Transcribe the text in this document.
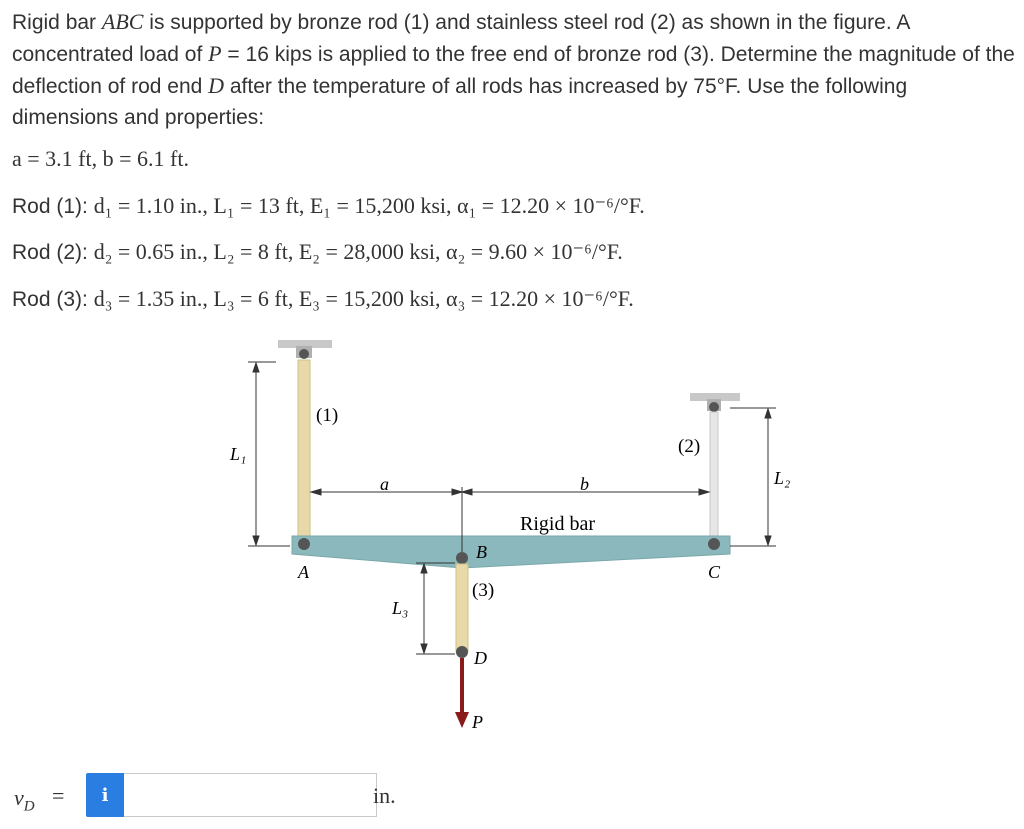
Rigid bar ABC is supported by bronze rod (1) and stainless steel rod (2) as shown in the figure. A concentrated load of P = 16 kips is applied to the free end of bronze rod (3). Determine the magnitude of the deflection of rod end D after the temperature of all rods has increased by 75°F. Use the following dimensions and properties:
a = 3.1 ft, b = 6.1 ft.
Rod (1): d₁ = 1.10 in., L₁ = 13 ft, E₁ = 15,200 ksi, α₁ = 12.20 × 10⁻⁶/°F.
Rod (2): d₂ = 0.65 in., L₂ = 8 ft, E₂ = 28,000 ksi, α₂ = 9.60 × 10⁻⁶/°F.
Rod (3): d₃ = 1.35 in., L₃ = 6 ft, E₃ = 15,200 ksi, α₃ = 12.20 × 10⁻⁶/°F.
(1)
(2)
(3)
L₁
L₂
L₃
a	b
Rigid bar
A
B
C
D
P
$v_D$ =	i	in.
